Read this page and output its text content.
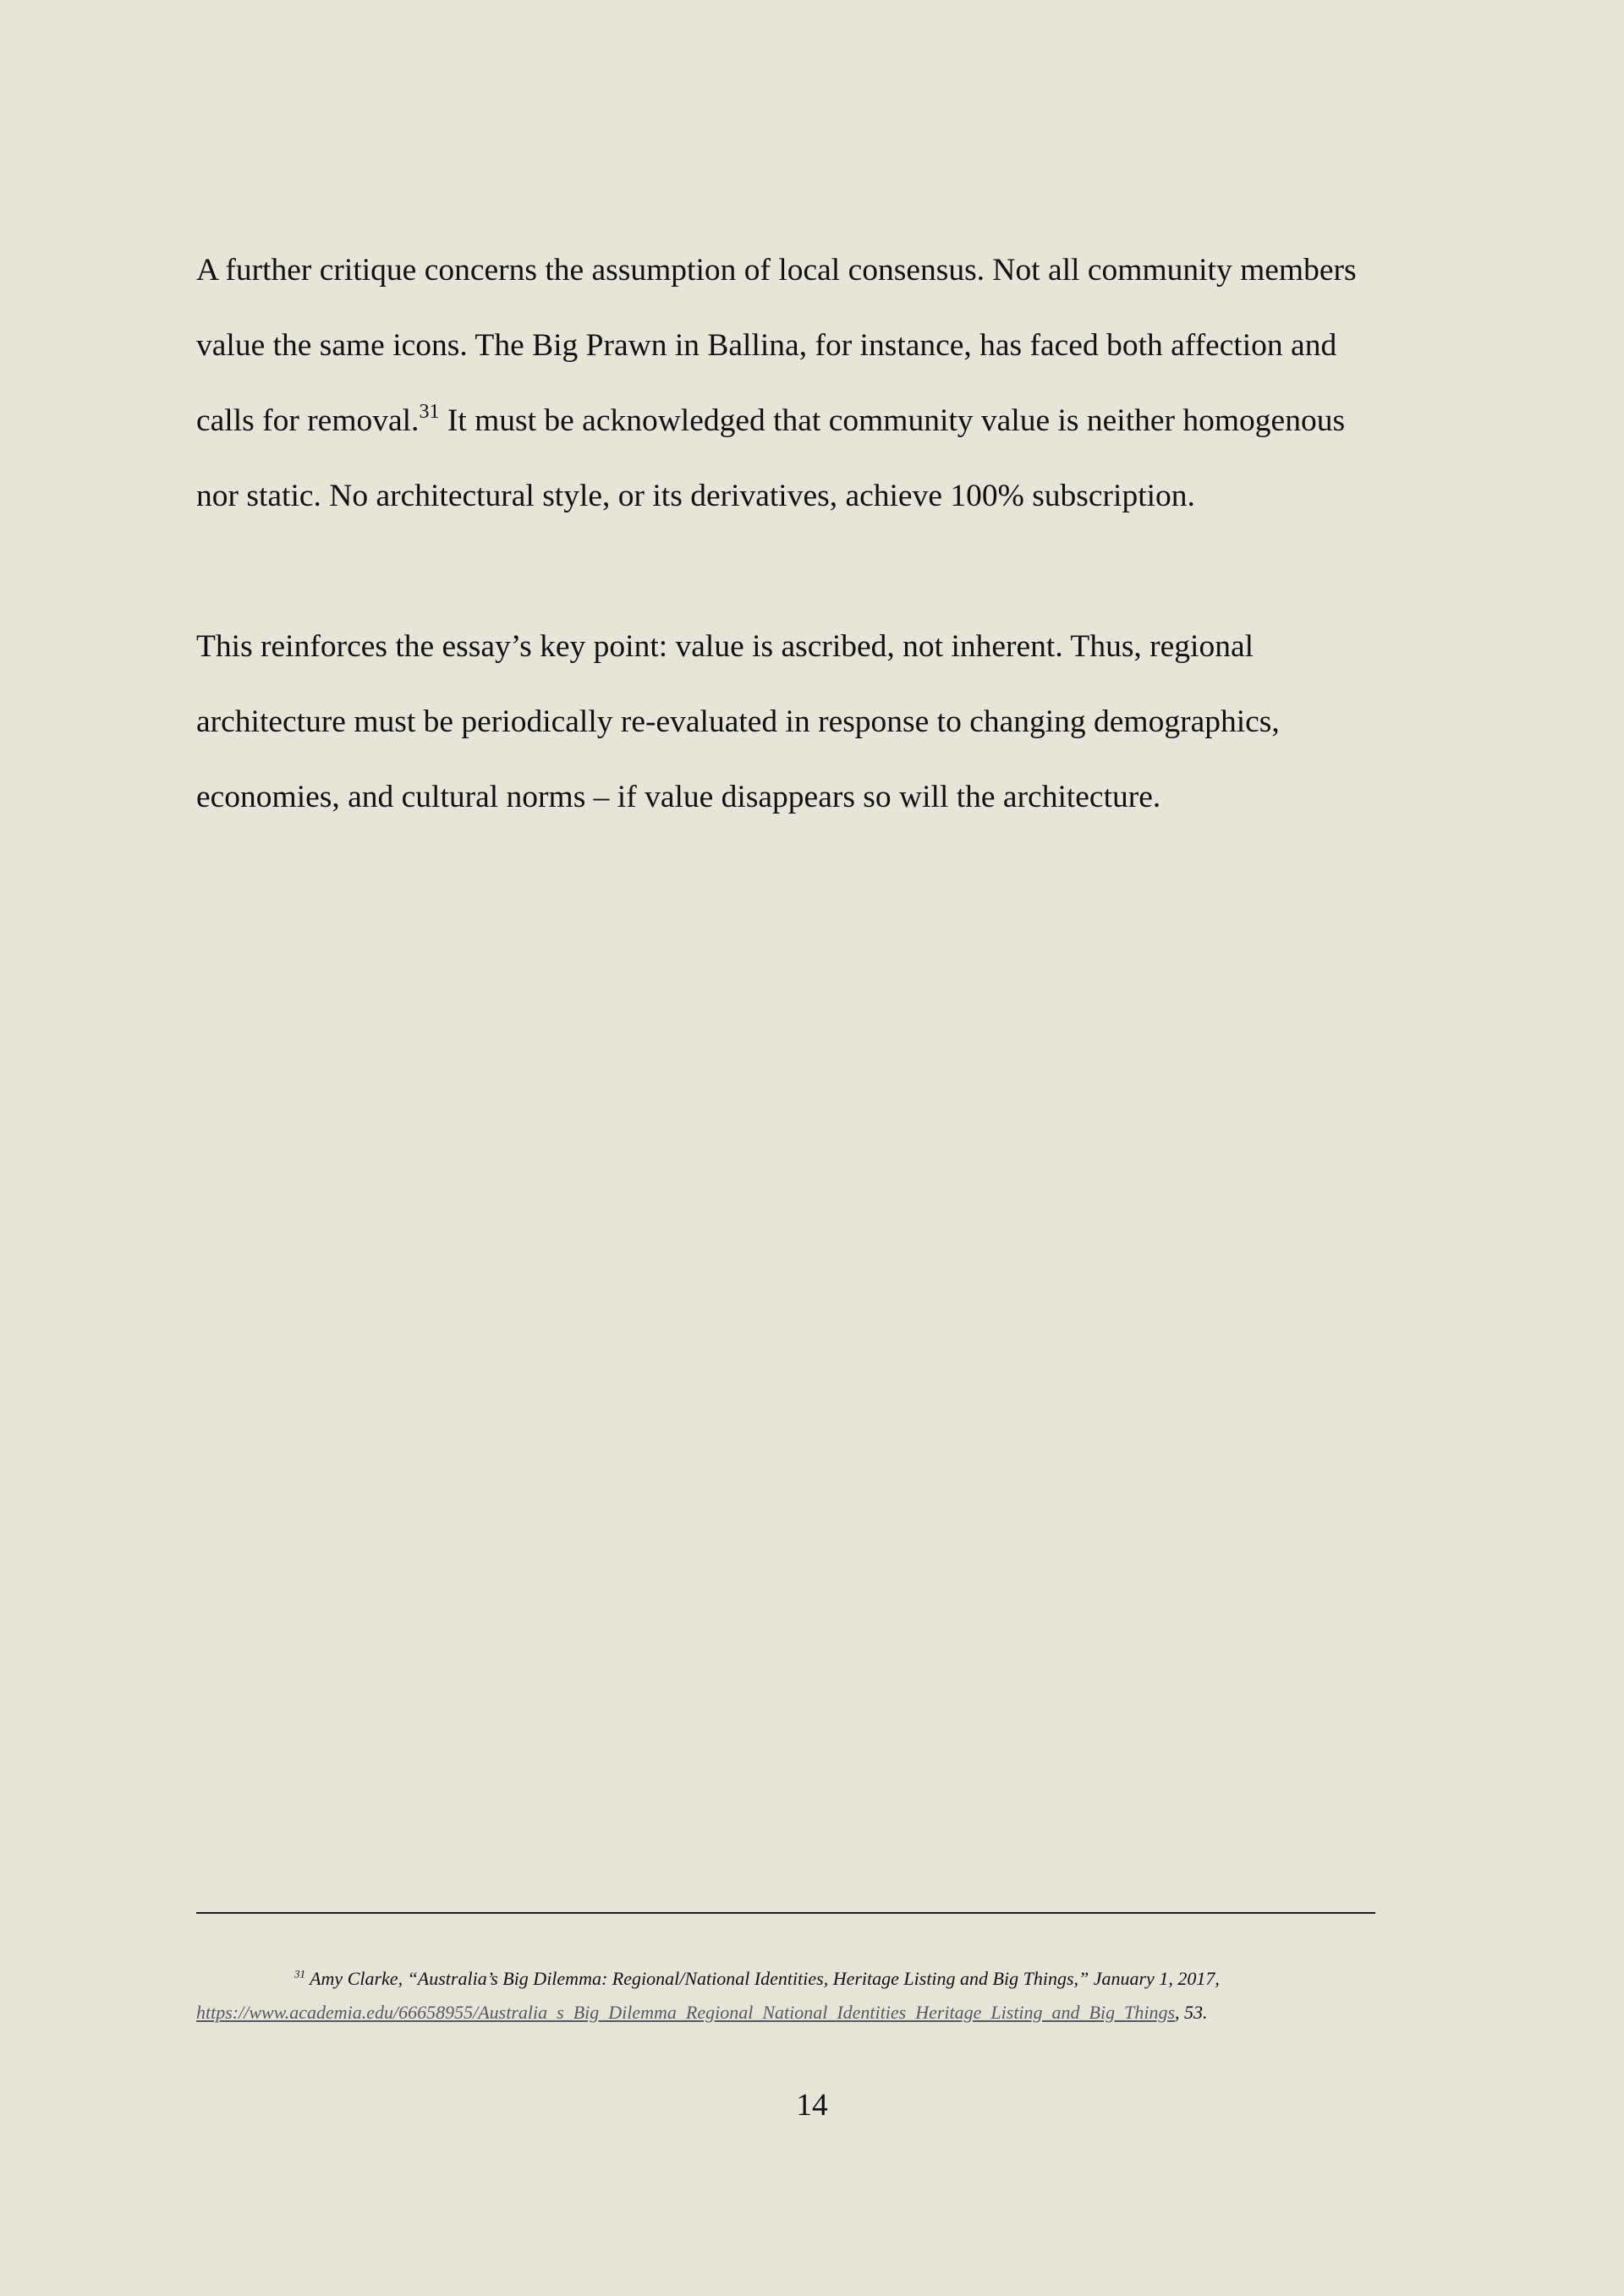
A further critique concerns the assumption of local consensus. Not all community members
value the same icons. The Big Prawn in Ballina, for instance, has faced both affection and
calls for removal.$^{31}$ It must be acknowledged that community value is neither homogenous
nor static. No architectural style, or its derivatives, achieve 100% subscription.

This reinforces the essay’s key point: value is ascribed, not inherent. Thus, regional
architecture must be periodically re-evaluated in response to changing demographics,
economies, and cultural norms – if value disappears so will the architecture.

$^{31}$ Amy Clarke, “Australia’s Big Dilemma: Regional/National Identities, Heritage Listing and Big Things,” January 1, 2017,
https://www.academia.edu/66658955/Australia_s_Big_Dilemma_Regional_National_Identities_Heritage_Listing_and_Big_Things, 53.

14
